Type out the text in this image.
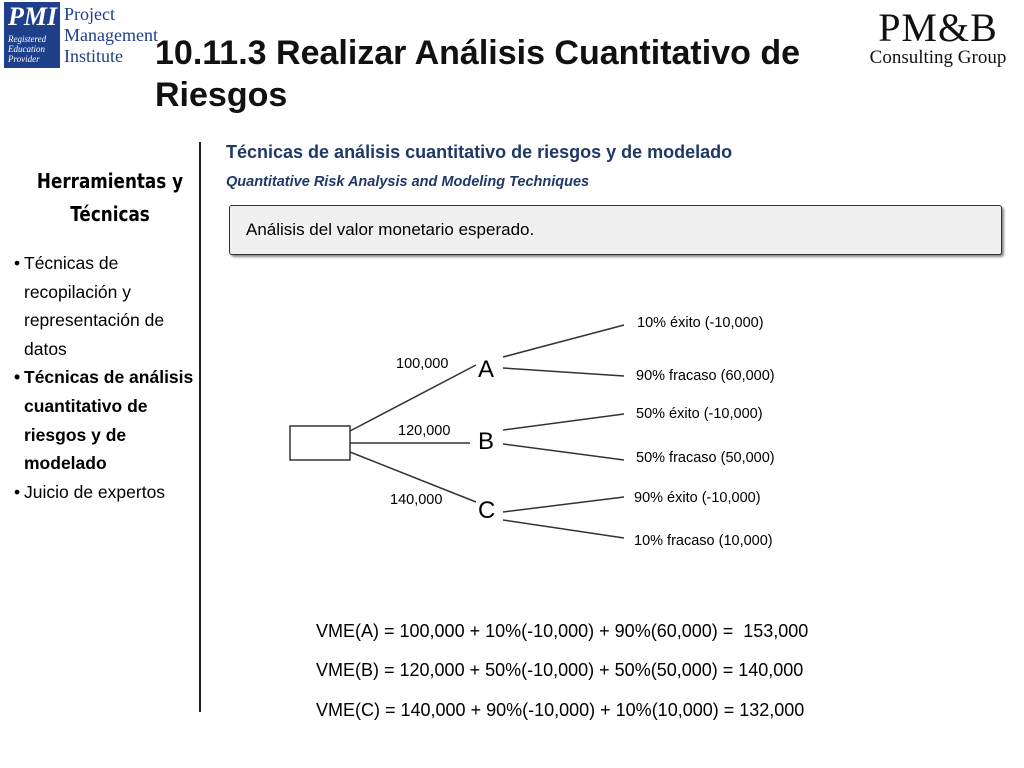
PMI
Registered
Education
Provider
Project
Management
Institute
PM&B
Consulting Group
10.11.3 Realizar Análisis Cuantitativo de Riesgos
Herramientas y Técnicas
• Técnicas de recopilación y representación de datos
• Técnicas de análisis cuantitativo de riesgos y de modelado
• Juicio de expertos
Técnicas de análisis cuantitativo de riesgos y de modelado
Quantitative Risk Analysis and Modeling Techniques
Análisis del valor monetario esperado.
100,000
120,000
140,000
A
B
C
10% éxito (-10,000)
90% fracaso (60,000)
50% éxito (-10,000)
50% fracaso (50,000)
90% éxito (-10,000)
10% fracaso (10,000)
VME(A) = 100,000 + 10%(-10,000) + 90%(60,000) =  153,000
VME(B) = 120,000 + 50%(-10,000) + 50%(50,000) = 140,000
VME(C) = 140,000 + 90%(-10,000) + 10%(10,000) = 132,000
